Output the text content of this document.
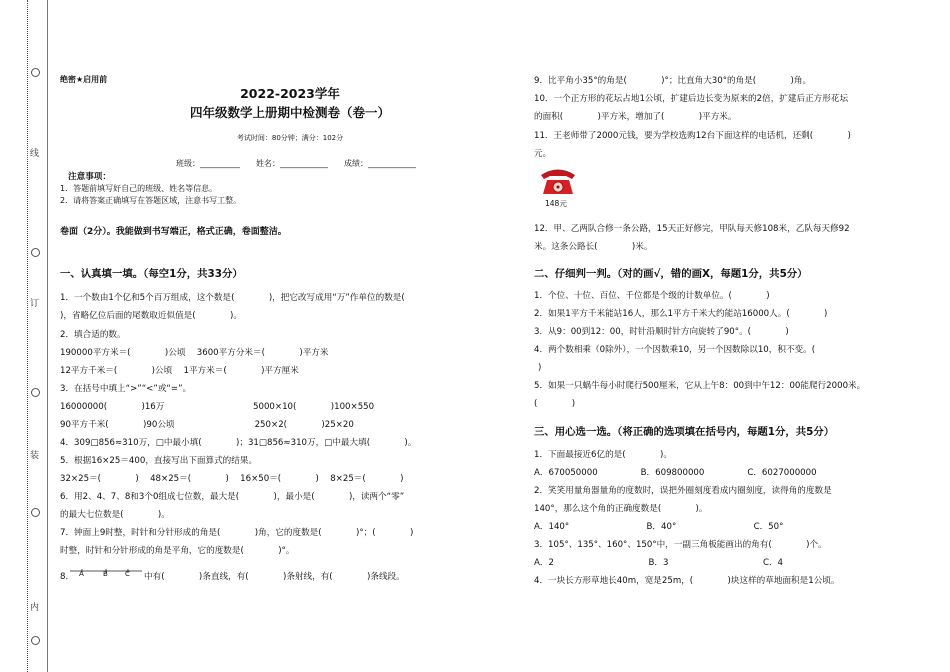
线
订
装
内
绝密★启用前
2022-2023学年
四年级数学上册期中检测卷（卷一）
考试时间：80分钟；满分：102分
班级：__________　　姓名：____________　　成绩：____________
注意事项：
1．答题前填写好自己的班级、姓名等信息。
2．请将答案正确填写在答题区域，注意书写工整。
卷面（2分）。我能做到书写端正，格式正确，卷面整洁。
一、认真填一填。（每空1分，共33分）
1．一个数由1个亿和5个百万组成，这个数是(　　　　)，把它改写成用“万”作单位的数是(
)，省略亿位后面的尾数取近似值是(　　　　)。
2．填合适的数。
190000平方米＝(　　　　)公顷　 3600平方分米＝(　　　　)平方米
12平方千米＝(　　　　)公顷　 1平方米＝(　　　　)平方厘米
3．在括号中填上“>”“<”或“=”。
16000000(　　　　)16万　　　　　　　　　　 5000×10(　　　　)100×550
90平方千米(　　　　)90公顷　　　　　　　　　 250×2(　　　　)25×20
4．309□856≈310万，□中最小填(　　　　)；31□856≈310万，□中最大填(　　　　)。
5．根据16×25＝400，直接写出下面算式的结果。
32×25＝(　　　　)　 48×25＝(　　　　)　 16×50＝(　　　　)　 8×25＝(　　　　)
6．用2、4、7、8和3个0组成七位数，最大是(　　　　)，最小是(　　　　)，读两个“零”
的最大七位数是(　　　　)。
7．钟面上9时整，时针和分针形成的角是(　　　　)角，它的度数是(　　　　)°；(　　　　)
时整，时针和分针形成的角是平角，它的度数是(　　　　)°。
8． A	B C 中有(　　　　)条直线，有(　　　　)条射线，有(　　　　)条线段。
9．比平角小35°的角是(　　　　)°；比直角大30°的角是(　　　　)角。
10．一个正方形的花坛占地1公顷，扩建后边长变为原来的2倍，扩建后正方形花坛
的面积(　　　　)平方米，增加了(　　　　)平方米。
11．王老师带了2000元钱，要为学校选购12台下面这样的电话机，还剩(　　　　)
元。
148元
12．甲、乙两队合修一条公路，15天正好修完，甲队每天修108米，乙队每天修92
米。这条公路长(　　　　)米。
二、仔细判一判。（对的画√，错的画X，每题1分，共5分）
1．个位、十位、百位、千位都是个级的计数单位。(　　　　)
2．如果1平方千米能站16人，那么1平方千米大约能站16000人。(　　　　)
3．从9：00到12：00，时针沿顺时针方向旋转了90°。(　　　　)
4．两个数相乘（0除外），一个因数乘10，另一个因数除以10，积不变。(
)
5．如果一只蜗牛每小时爬行500厘米，它从上午8：00到中午12：00能爬行2000米。
(　　　　)
三、用心选一选。（将正确的选项填在括号内，每题1分，共5分）
1．下面最接近6亿的是(　　　　)。
A．670050000　　　　　B．609800000　　　　　C．6027000000
2．笑笑用量角器量角的度数时，误把外圈刻度看成内圈刻度，读得角的度数是
140°，那么这个角的正确度数是(　　　　)。
A．140°　　　　　　　　　B．40°　　　　　　　　　C．50°
3．105°、135°、160°、150°中，一副三角板能画出的角有(　　　　)个。
A．2　　　　　　　　　　　B．3　　　　　　　　　　　C．4
4．一块长方形草地长40m，宽是25m，(　　　　)块这样的草地面积是1公顷。
